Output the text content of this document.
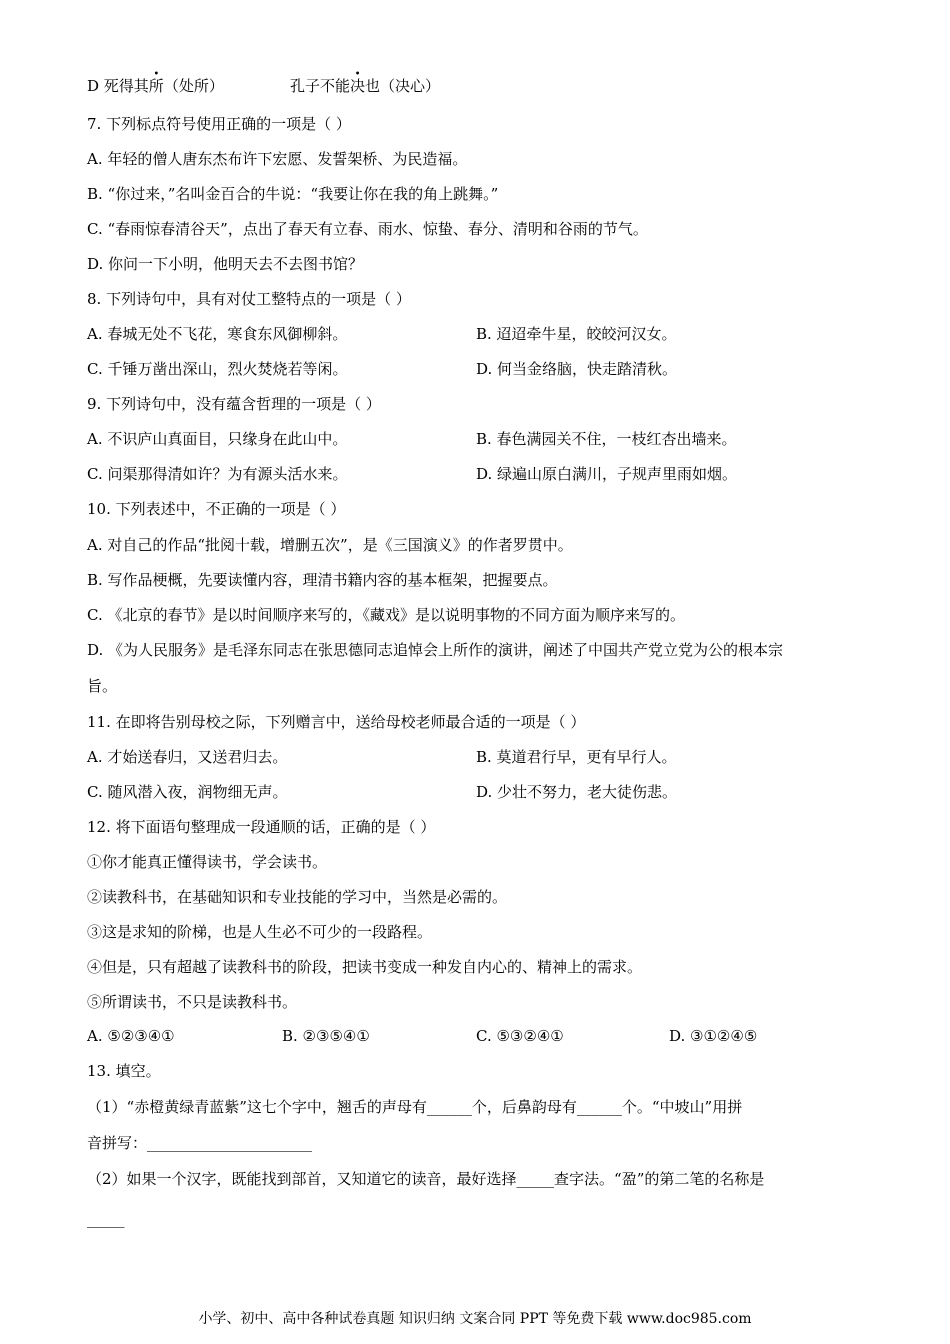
D 死得其所（处所）	孔子不能决也（决心）
7. 下列标点符号使用正确的一项是（ ）
A. 年轻的僧人唐东杰布许下宏愿、发誓架桥、为民造福。
B. “你过来，”名叫金百合的牛说：“我要让你在我的角上跳舞。”
C. “春雨惊春清谷天”，点出了春天有立春、雨水、惊蛰、春分、清明和谷雨的节气。
D. 你问一下小明，他明天去不去图书馆？
8. 下列诗句中，具有对仗工整特点的一项是（ ）
A. 春城无处不飞花，寒食东风御柳斜。	B. 迢迢牵牛星，皎皎河汉女。
C. 千锤万凿出深山，烈火焚烧若等闲。	D. 何当金络脑，快走踏清秋。
9. 下列诗句中，没有蕴含哲理的一项是（ ）
A. 不识庐山真面目，只缘身在此山中。	B. 春色满园关不住，一枝红杏出墙来。
C. 问渠那得清如许？为有源头活水来。	D. 绿遍山原白满川，子规声里雨如烟。
10. 下列表述中，不正确的一项是（ ）
A. 对自己的作品“批阅十载，增删五次”，是《三国演义》的作者罗贯中。
B. 写作品梗概，先要读懂内容，理清书籍内容的基本框架，把握要点。
C. 《北京的春节》是以时间顺序来写的，《藏戏》是以说明事物的不同方面为顺序来写的。
D. 《为人民服务》是毛泽东同志在张思德同志追悼会上所作的演讲，阐述了中国共产党立党为公的根本宗
旨。
11. 在即将告别母校之际，下列赠言中，送给母校老师最合适的一项是（ ）
A. 才始送春归，又送君归去。	B. 莫道君行早，更有早行人。
C. 随风潜入夜，润物细无声。	D. 少壮不努力，老大徒伤悲。
12. 将下面语句整理成一段通顺的话，正确的是（ ）
①你才能真正懂得读书，学会读书。
②读教科书，在基础知识和专业技能的学习中，当然是必需的。
③这是求知的阶梯，也是人生必不可少的一段路程。
④但是，只有超越了读教科书的阶段，把读书变成一种发自内心的、精神上的需求。
⑤所谓读书，不只是读教科书。
A. ⑤②③④①	B. ②③⑤④①	C. ⑤③②④①	D. ③①②④⑤
13. 填空。
（1）“赤橙黄绿青蓝紫”这七个字中，翘舌的声母有______个，后鼻韵母有______个。“中坡山”用拼
音拼写：______________________
（2）如果一个汉字，既能找到部首，又知道它的读音，最好选择_____查字法。“盈”的第二笔的名称是
_____
小学、初中、高中各种试卷真题 知识归纳 文案合同 PPT 等免费下载 www.doc985.com
